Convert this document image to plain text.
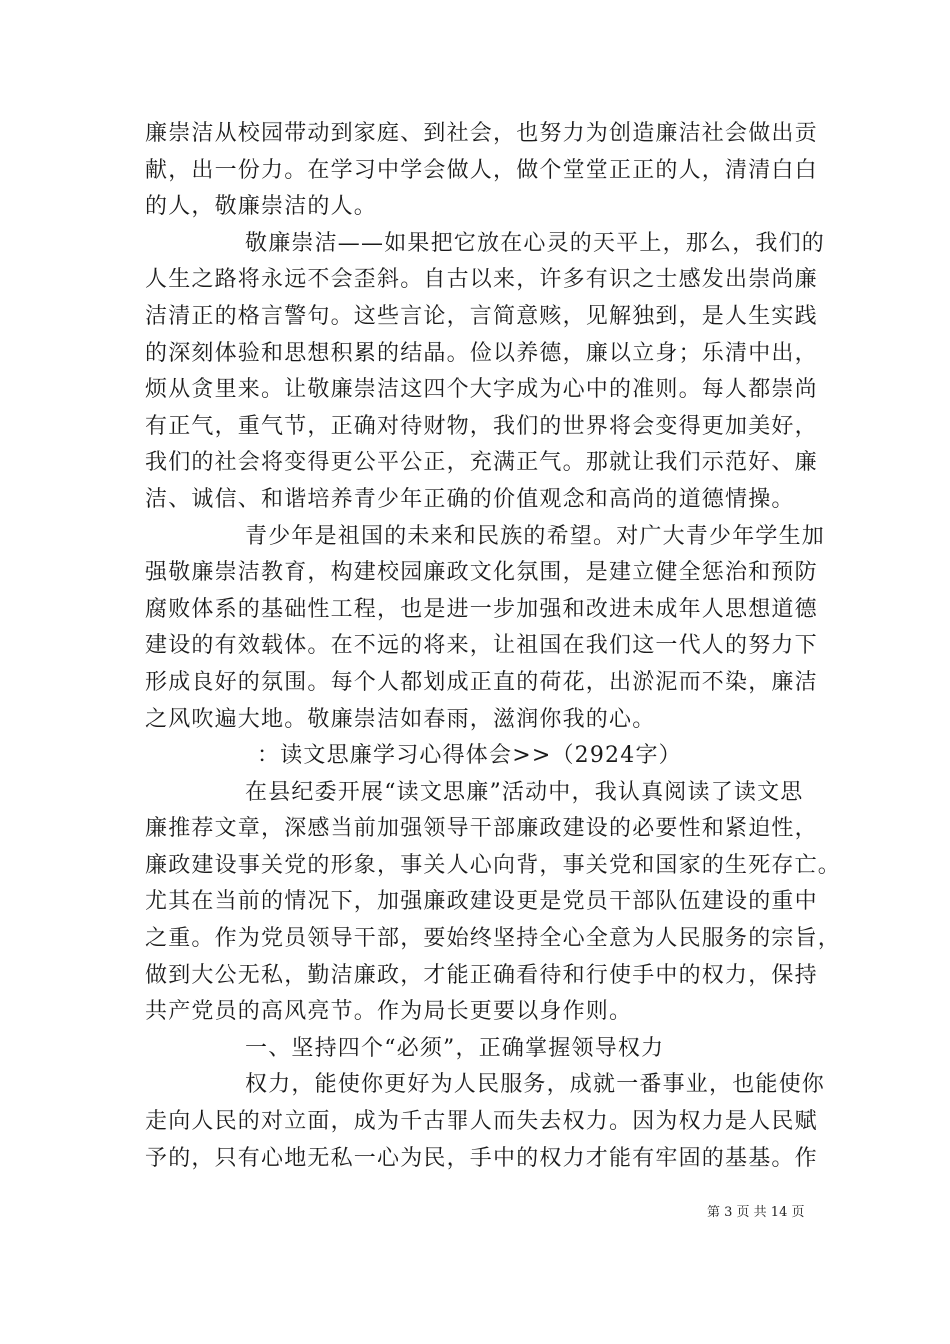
廉崇洁从校园带动到家庭、到社会，也努力为创造廉洁社会做出贡
献，出一份力。在学习中学会做人，做个堂堂正正的人，清清白白
的人，敬廉崇洁的人。
敬廉崇洁——如果把它放在心灵的天平上，那么，我们的
人生之路将永远不会歪斜。自古以来，许多有识之士感发出崇尚廉
洁清正的格言警句。这些言论，言简意赅，见解独到，是人生实践
的深刻体验和思想积累的结晶。俭以养德，廉以立身；乐清中出，
烦从贪里来。让敬廉崇洁这四个大字成为心中的准则。每人都崇尚
有正气，重气节，正确对待财物，我们的世界将会变得更加美好，
我们的社会将变得更公平公正，充满正气。那就让我们示范好、廉
洁、诚信、和谐培养青少年正确的价值观念和高尚的道德情操。
青少年是祖国的未来和民族的希望。对广大青少年学生加
强敬廉崇洁教育，构建校园廉政文化氛围，是建立健全惩治和预防
腐败体系的基础性工程，也是进一步加强和改进未成年人思想道德
建设的有效载体。在不远的将来，让祖国在我们这一代人的努力下
形成良好的氛围。每个人都划成正直的荷花，出淤泥而不染，廉洁
之风吹遍大地。敬廉崇洁如春雨，滋润你我的心。
：读文思廉学习心得体会>>（2924字）
在县纪委开展“读文思廉”活动中，我认真阅读了读文思
廉推荐文章，深感当前加强领导干部廉政建设的必要性和紧迫性，
廉政建设事关党的形象，事关人心向背，事关党和国家的生死存亡。
尤其在当前的情况下，加强廉政建设更是党员干部队伍建设的重中
之重。作为党员领导干部，要始终坚持全心全意为人民服务的宗旨，
做到大公无私，勤洁廉政，才能正确看待和行使手中的权力，保持
共产党员的高风亮节。作为局长更要以身作则。
一、坚持四个“必须”，正确掌握领导权力
权力，能使你更好为人民服务，成就一番事业，也能使你
走向人民的对立面，成为千古罪人而失去权力。因为权力是人民赋
予的，只有心地无私一心为民，手中的权力才能有牢固的基基。作
第 3 页 共 14 页
